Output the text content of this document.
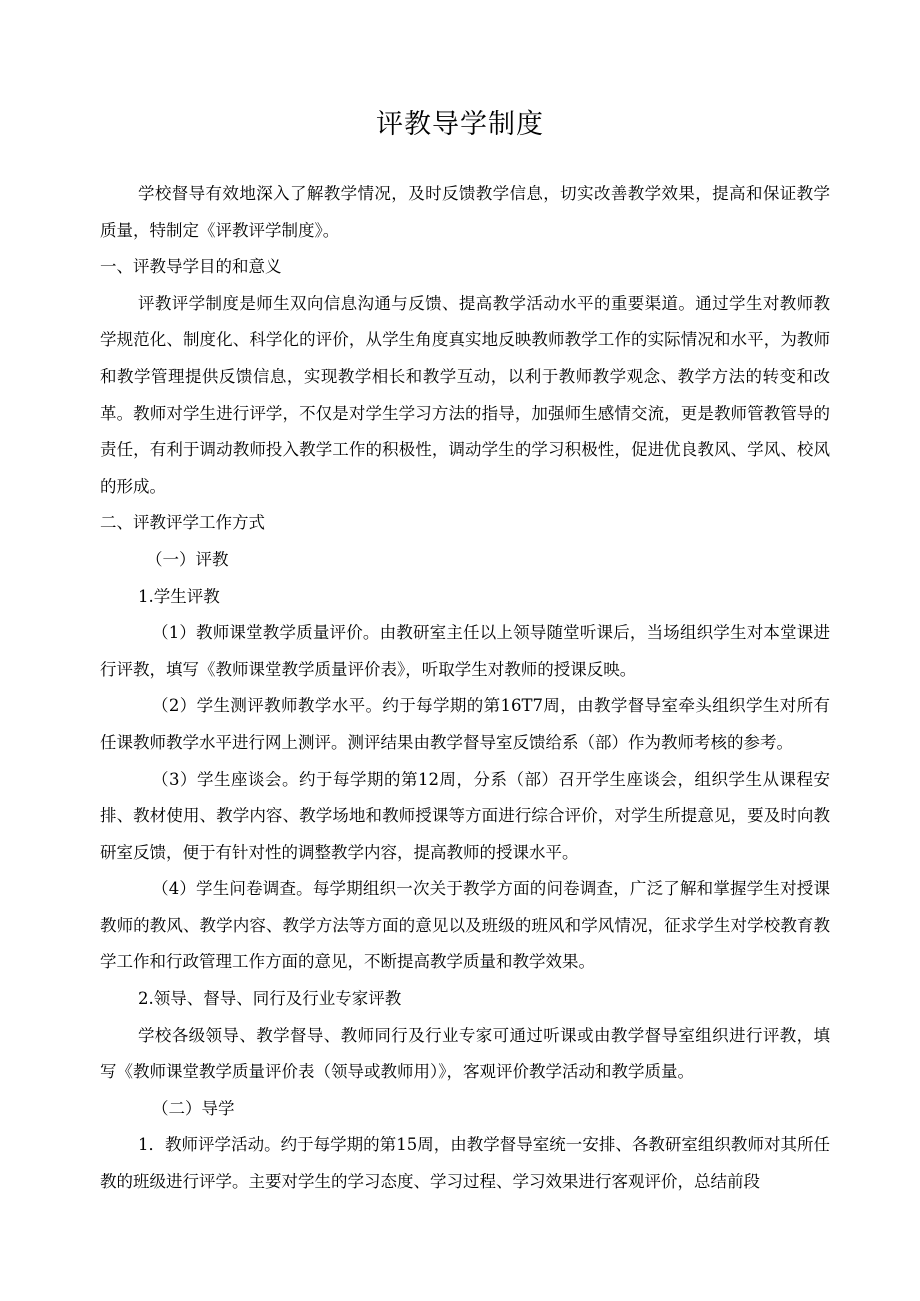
评教导学制度

学校督导有效地深入了解教学情况，及时反馈教学信息，切实改善教学效果，提高和保证教学质量，特制定《评教评学制度》。

一、评教导学目的和意义

评教评学制度是师生双向信息沟通与反馈、提高教学活动水平的重要渠道。通过学生对教师教学规范化、制度化、科学化的评价，从学生角度真实地反映教师教学工作的实际情况和水平，为教师和教学管理提供反馈信息，实现教学相长和教学互动，以利于教师教学观念、教学方法的转变和改革。教师对学生进行评学，不仅是对学生学习方法的指导，加强师生感情交流，更是教师管教管导的责任，有利于调动教师投入教学工作的积极性，调动学生的学习积极性，促进优良教风、学风、校风的形成。

二、评教评学工作方式

（一）评教

1.学生评教

（1）教师课堂教学质量评价。由教研室主任以上领导随堂听课后，当场组织学生对本堂课进行评教，填写《教师课堂教学质量评价表》，听取学生对教师的授课反映。

（2）学生测评教师教学水平。约于每学期的第16T7周，由教学督导室牵头组织学生对所有任课教师教学水平进行网上测评。测评结果由教学督导室反馈给系（部）作为教师考核的参考。

（3）学生座谈会。约于每学期的第12周，分系（部）召开学生座谈会，组织学生从课程安排、教材使用、教学内容、教学场地和教师授课等方面进行综合评价，对学生所提意见，要及时向教研室反馈，便于有针对性的调整教学内容，提高教师的授课水平。

（4）学生问卷调查。每学期组织一次关于教学方面的问卷调查，广泛了解和掌握学生对授课教师的教风、教学内容、教学方法等方面的意见以及班级的班风和学风情况，征求学生对学校教育教学工作和行政管理工作方面的意见，不断提高教学质量和教学效果。

2.领导、督导、同行及行业专家评教

学校各级领导、教学督导、教师同行及行业专家可通过听课或由教学督导室组织进行评教，填写《教师课堂教学质量评价表（领导或教师用）》，客观评价教学活动和教学质量。

（二）导学

1．教师评学活动。约于每学期的第15周，由教学督导室统一安排、各教研室组织教师对其所任教的班级进行评学。主要对学生的学习态度、学习过程、学习效果进行客观评价，总结前段
